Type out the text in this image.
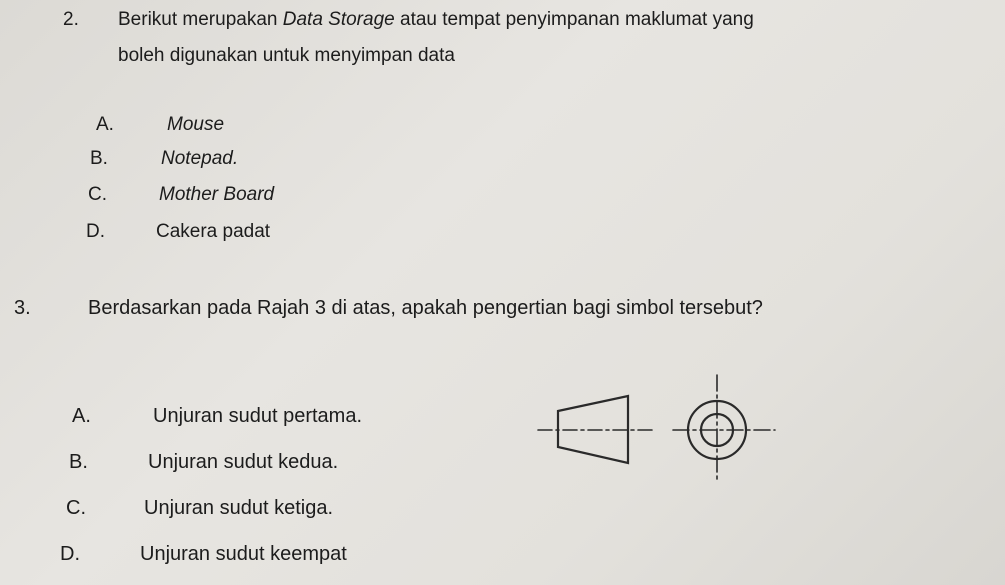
2. Berikut merupakan Data Storage atau tempat penyimpanan maklumat yang
boleh digunakan untuk menyimpan data
A.	Mouse
B.	Notepad.
C.	Mother Board
D.	Cakera padat
3.	Berdasarkan pada Rajah 3 di atas, apakah pengertian bagi simbol tersebut?
A.	Unjuran sudut pertama.
B.	Unjuran sudut kedua.
C.	Unjuran sudut ketiga.
D.	Unjuran sudut keempat
